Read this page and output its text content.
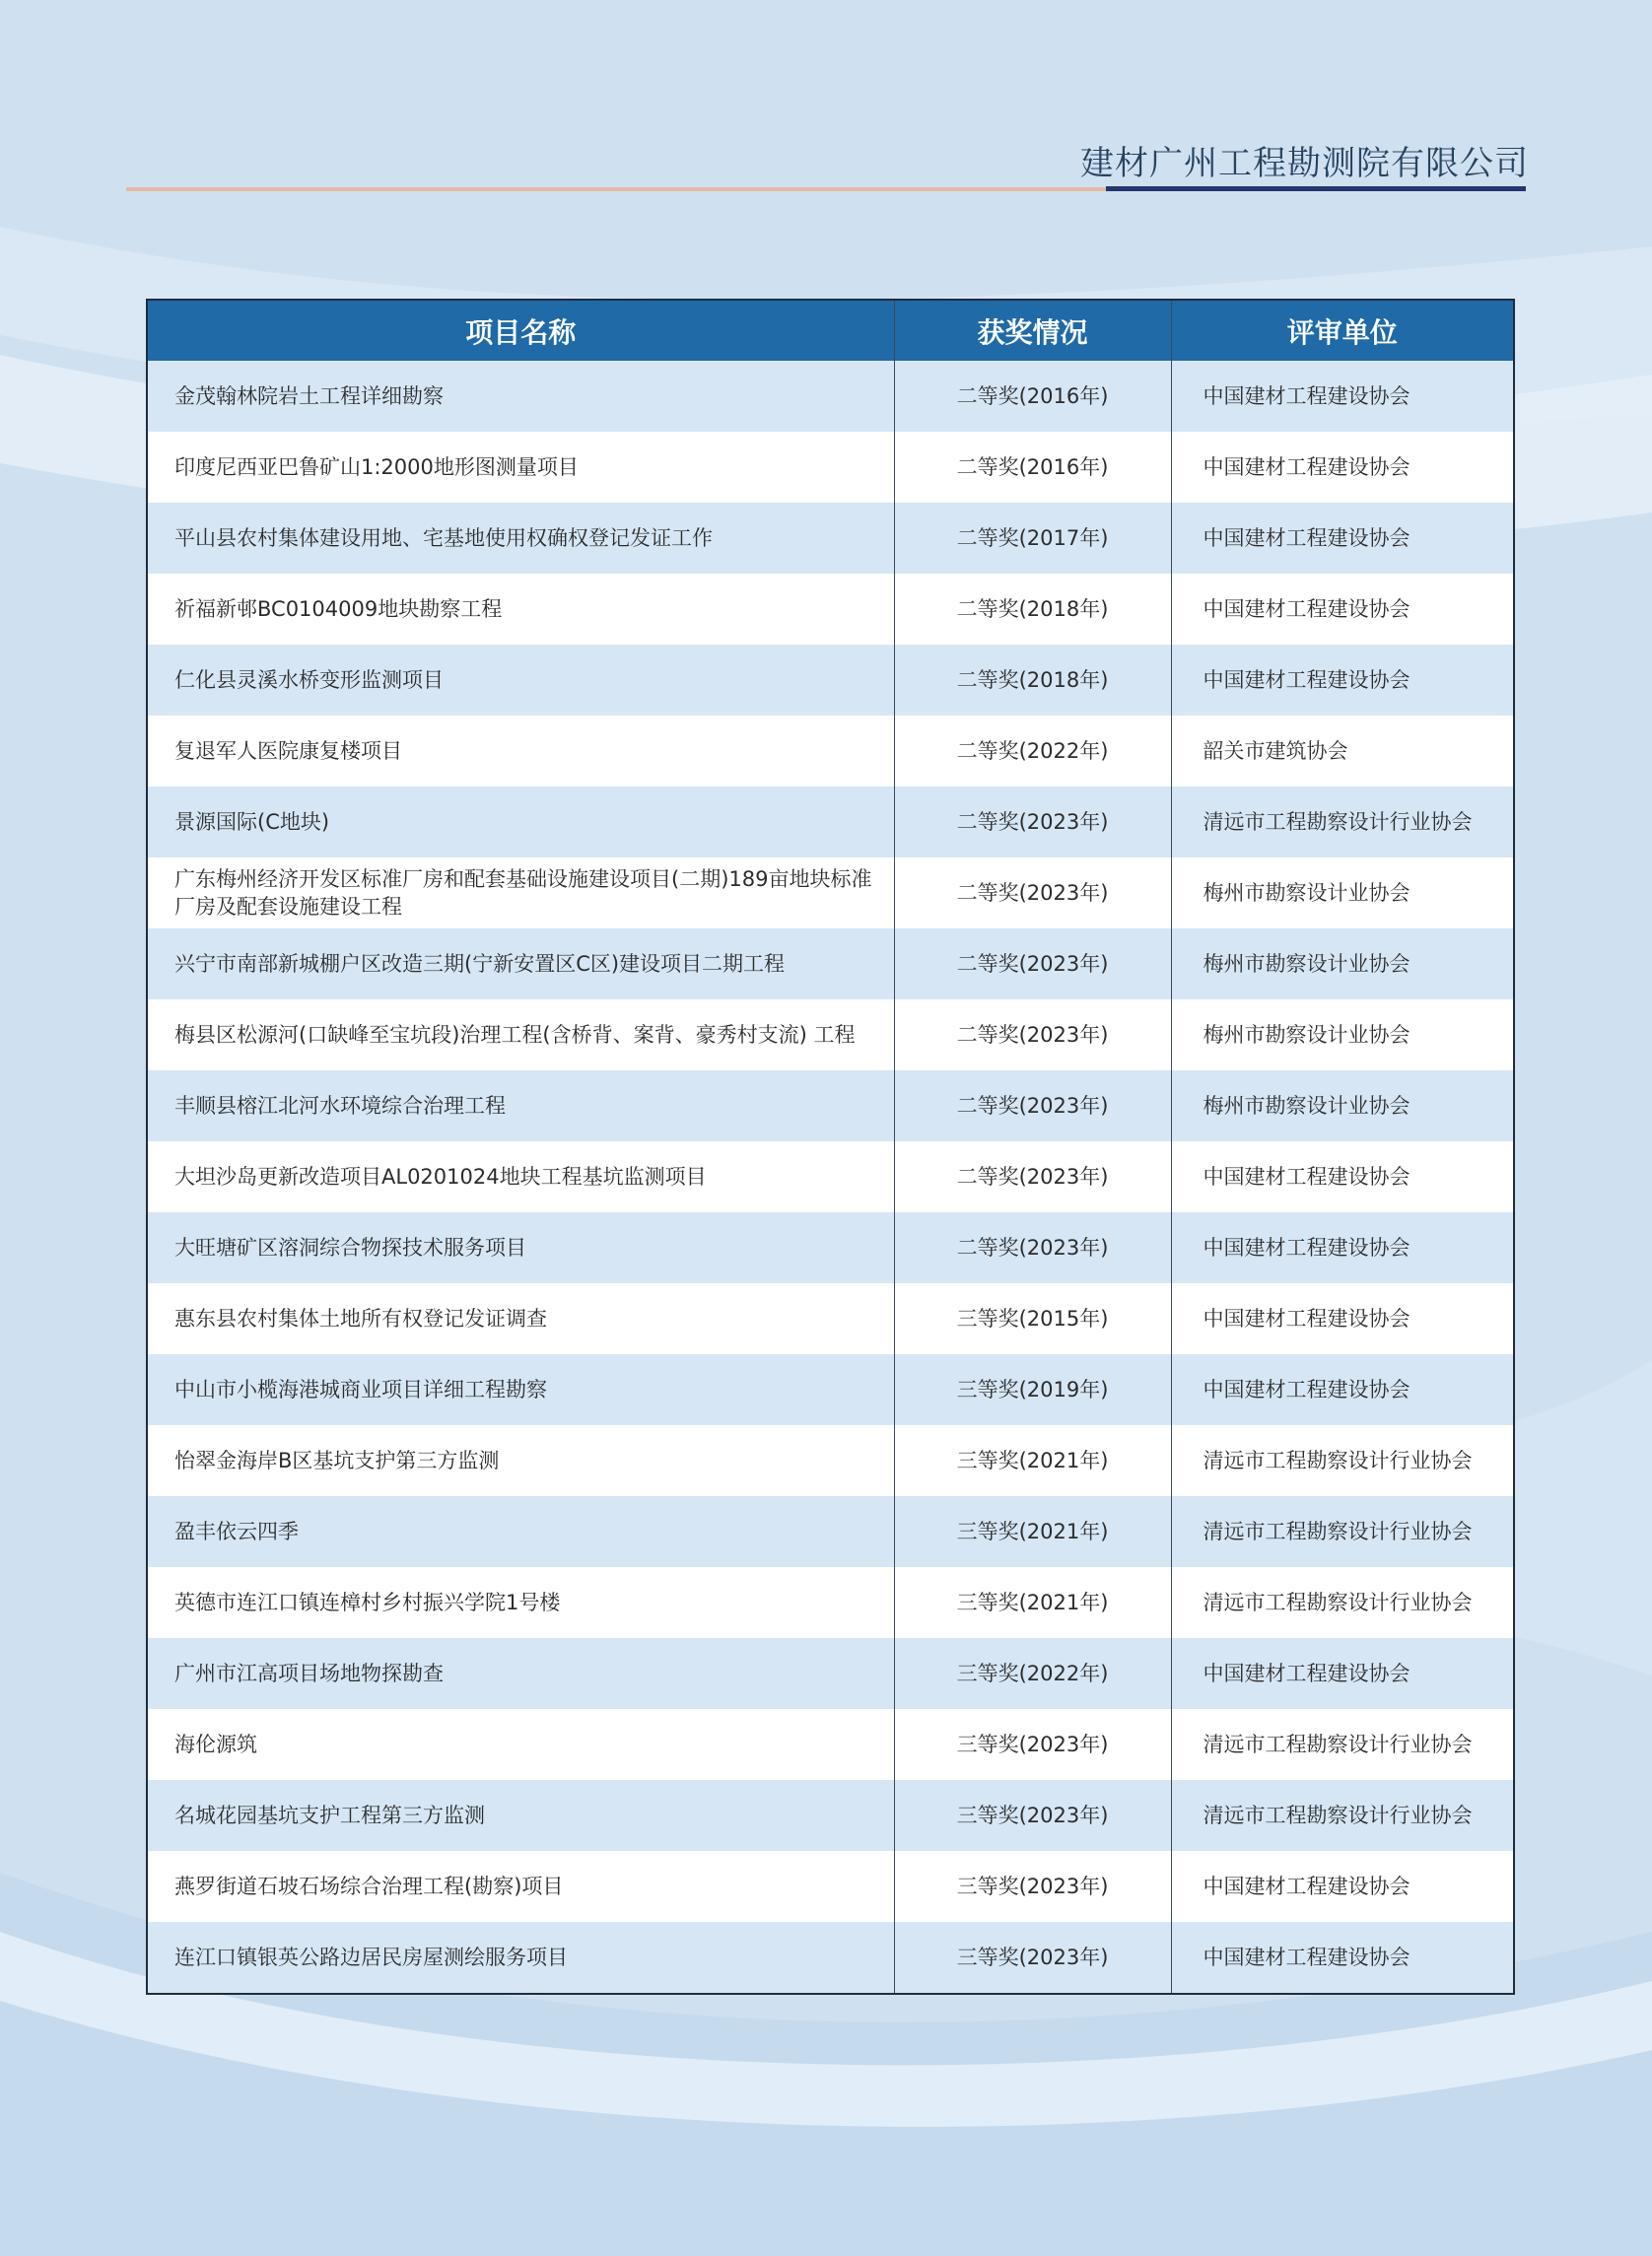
建材广州工程勘测院有限公司
项目名称	获奖情况	评审单位
金茂翰林院岩土工程详细勘察	二等奖(2016年)	中国建材工程建设协会
印度尼西亚巴鲁矿山1:2000地形图测量项目	二等奖(2016年)	中国建材工程建设协会
平山县农村集体建设用地、宅基地使用权确权登记发证工作	二等奖(2017年)	中国建材工程建设协会
祈福新邨BC0104009地块勘察工程	二等奖(2018年)	中国建材工程建设协会
仁化县灵溪水桥变形监测项目	二等奖(2018年)	中国建材工程建设协会
复退军人医院康复楼项目	二等奖(2022年)	韶关市建筑协会
景源国际(C地块)	二等奖(2023年)	清远市工程勘察设计行业协会
广东梅州经济开发区标准厂房和配套基础设施建设项目(二期)189亩地块标准厂房及配套设施建设工程	二等奖(2023年)	梅州市勘察设计业协会
兴宁市南部新城棚户区改造三期(宁新安置区C区)建设项目二期工程	二等奖(2023年)	梅州市勘察设计业协会
梅县区松源河(口缺峰至宝坑段)治理工程(含桥背、案背、豪秀村支流) 工程	二等奖(2023年)	梅州市勘察设计业协会
丰顺县榕江北河水环境综合治理工程	二等奖(2023年)	梅州市勘察设计业协会
大坦沙岛更新改造项目AL0201024地块工程基坑监测项目	二等奖(2023年)	中国建材工程建设协会
大旺塘矿区溶洞综合物探技术服务项目	二等奖(2023年)	中国建材工程建设协会
惠东县农村集体土地所有权登记发证调查	三等奖(2015年)	中国建材工程建设协会
中山市小榄海港城商业项目详细工程勘察	三等奖(2019年)	中国建材工程建设协会
怡翠金海岸B区基坑支护第三方监测	三等奖(2021年)	清远市工程勘察设计行业协会
盈丰依云四季	三等奖(2021年)	清远市工程勘察设计行业协会
英德市连江口镇连樟村乡村振兴学院1号楼	三等奖(2021年)	清远市工程勘察设计行业协会
广州市江高项目场地物探勘查	三等奖(2022年)	中国建材工程建设协会
海伦源筑	三等奖(2023年)	清远市工程勘察设计行业协会
名城花园基坑支护工程第三方监测	三等奖(2023年)	清远市工程勘察设计行业协会
燕罗街道石坡石场综合治理工程(勘察)项目	三等奖(2023年)	中国建材工程建设协会
连江口镇银英公路边居民房屋测绘服务项目	三等奖(2023年)	中国建材工程建设协会
